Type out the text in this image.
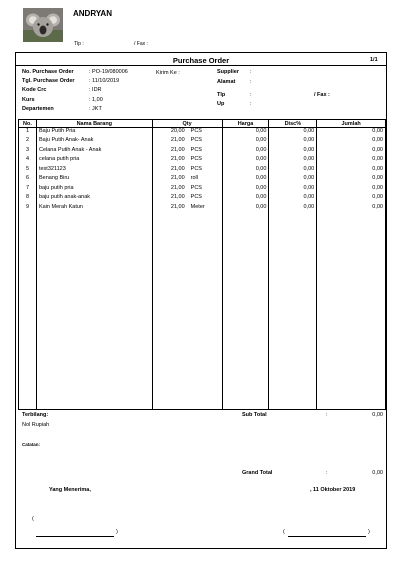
ANDRYAN
Tlp :	/ Fax :
Purchase Order	1/1
No. Purchase Order	: PO-19/080006
Tgl. Purchase Order	: 11/10/2019
Kode Crc	: IDR
Kurs	: 1,00
Departemen	: JKT
Kirim Ke :	Supplier :
Alamat	:
Tlp	:	/ Fax :
Up	:
No.	Nama Barang	Qty	Harga	Disc%	Jumlah
1	Baju Putih Pria	20,00 PCS	0,00	0,00	0,00
2	Baju Putih Anak- Anak	21,00 PCS	0,00	0,00	0,00
3	Celana Putih Anak - Anak	21,00 PCS	0,00	0,00	0,00
4	celana putih pria	21,00 PCS	0,00	0,00	0,00
5	test321123	21,00 PCS	0,00	0,00	0,00
6	Benang Biru	21,00 roll	0,00	0,00	0,00
7	baju putih pria	21,00 PCS	0,00	0,00	0,00
8	baju putih anak-anak	21,00 PCS	0,00	0,00	0,00
9	Kain Merah Katun	21,00 Meter	0,00	0,00	0,00

Terbilang:
Nol Rupiah
Sub Total	:	0,00
Catatan:
Grand Total	:	0,00
Yang Menerima,	, 11 Oktober 2019
(
)	(	)
